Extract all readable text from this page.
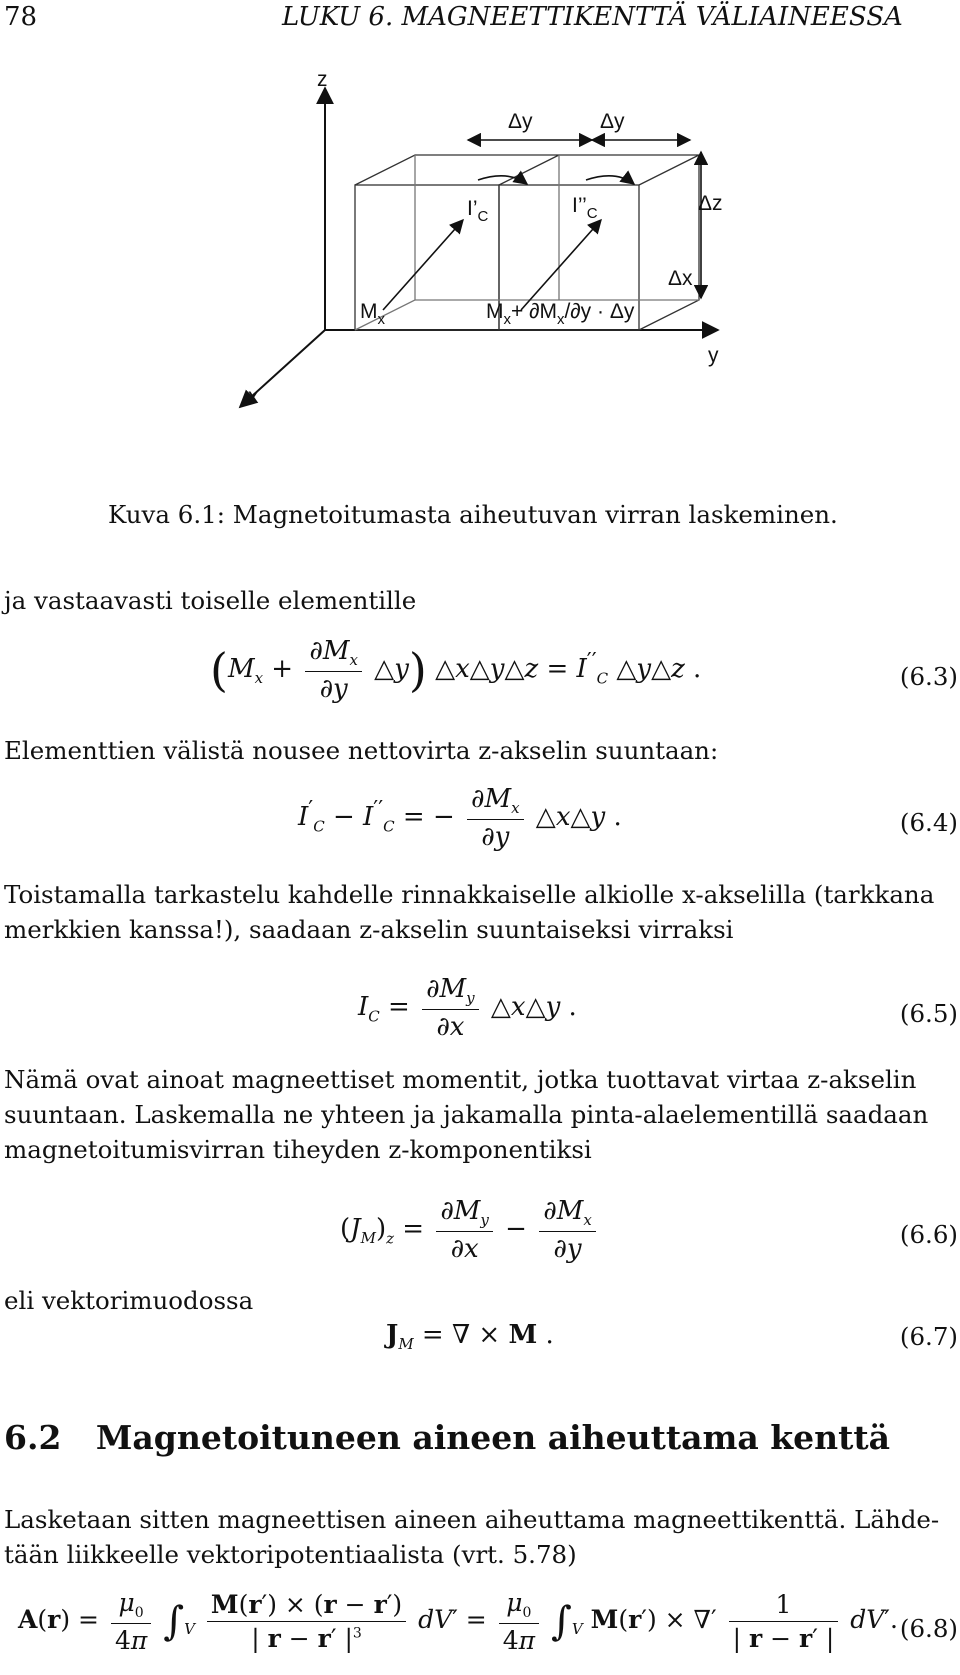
78	LUKU 6. MAGNEETTIKENTTÄ VÄLIAINEESSA
z
y
x
Δy	Δy
Δz
Δx
$I’_C$	$I’’_C$
$M_x$	$M_x+ \partial M_x/\partial y \cdot \Delta y$
Kuva 6.1: Magnetoitumasta aiheutuvan virran laskeminen.
ja vastaavasti toiselle elementille
($M_x + \frac{\partial M_x}{\partial y}$ △y) △x△y△z = $I''_C$ △y△z .	(6.3)
Elementtien välistä nousee nettovirta z-akselin suuntaan:
$I'_C - I''_C$ = − $\frac{\partial M_x}{\partial y}$ △x△y .	(6.4)
Toistamalla tarkastelu kahdelle rinnakkaiselle alkiolle x-akselilla (tarkkana
merkkien kanssa!), saadaan z-akselin suuntaiseksi virraksi
$I_C = \frac{\partial M_y}{\partial x}$ △x△y .	(6.5)
Nämä ovat ainoat magneettiset momentit, jotka tuottavat virtaa z-akselin
suuntaan. Laskemalla ne yhteen ja jakamalla pinta-alaelementillä saadaan
magnetoitumisvirran tiheyden z-komponentiksi
$(J_M)_z = \frac{\partial M_y}{\partial x} - \frac{\partial M_x}{\partial y}$	(6.6)
eli vektorimuodossa
$J_M$ = ∇ × M .	(6.7)
6.2   Magnetoituneen aineen aiheuttama kenttä
Lasketaan sitten magneettisen aineen aiheuttama magneettikenttä. Lähde-
tään liikkeelle vektoripotentiaalista (vrt. 5.78)
$A(r) = \frac{\mu_0}{4\pi} \int_V \frac{M(r') \times (r - r')}{| r - r' |^3} dV' = \frac{\mu_0}{4\pi} \int_V$ M(r′) × ∇′ $\frac{1}{| r - r' |} dV'$. (6.8)
